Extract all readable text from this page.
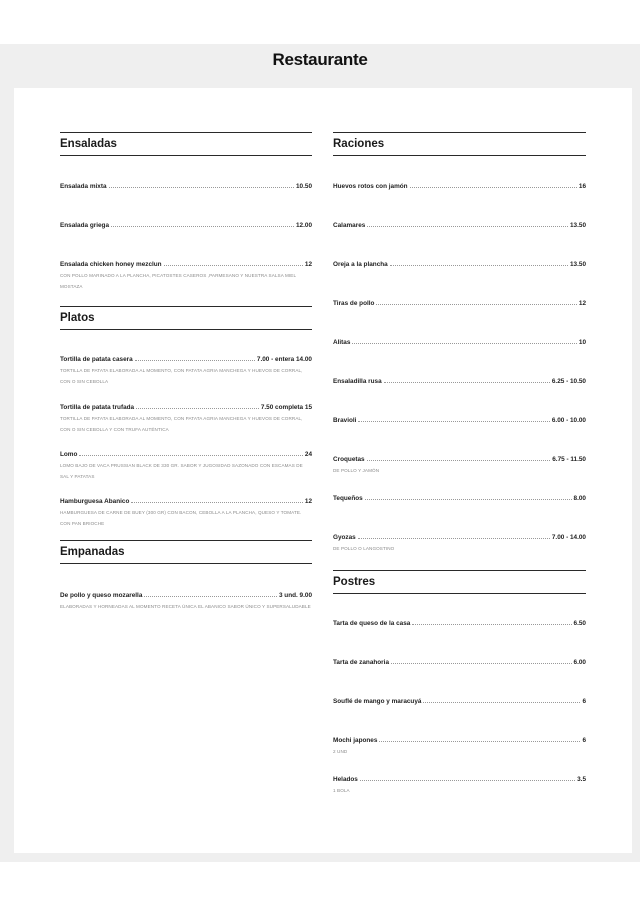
Restaurante
Ensaladas
Ensalada mixta	10.50
Ensalada griega	12.00
Ensalada chicken honey mezclun	12
CON POLLO MARINADO A LA PLANCHA, PICATOSTES CASEROS ,PARMESANO Y NUESTRA SALSA MIEL MOSTAZA
Platos
Tortilla de patata casera	7.00 - entera 14.00
TORTILLA DE PATATA ELABORADA AL MOMENTO, CON PATATA AGRIA MANCHEGA Y HUEVOS DE CORRAL, CON O SIN CEBOLLA
Tortilla de patata trufada	7.50 completa 15
TORTILLA DE PATATA ELABORADA AL MOMENTO, CON PATATA AGRIA MANCHEGA Y HUEVOS DE CORRAL, CON O SIN CEBOLLA Y CON TRUFA AUTÉNTICA
Lomo	24
LOMO BAJO DE VACA PRUSSIAN BLACK DE 330 GR. SABOR Y JUGOSIDAD SAZONADO CON ESCAMAS DE SAL Y PATATAS
Hamburguesa Abanico	12
HAMBURGUESA DE CARNE DE BUEY (300 GR) CON BACON, CEBOLLA A LA PLANCHA, QUESO Y TOMATE. CON PAN BRIOCHE
Empanadas
De pollo y queso mozarella	3 und. 9.00
ELABORADAS Y HORNEADAS AL MOMENTO RECETA ÚNICA EL ABANICO SABOR ÚNICO Y SUPERSALUDABLE
Raciones
Huevos rotos con jamón	16
Calamares	13.50
Oreja a la plancha	13.50
Tiras de pollo	12
Alitas	10
Ensaladilla rusa	6.25 - 10.50
Bravioli	6.00 - 10.00
Croquetas	6.75 - 11.50
DE POLLO Y JAMÓN
Tequeños	8.00
Gyozas	7.00 - 14.00
DE POLLO O LANGOSTINO
Postres
Tarta de queso de la casa	6.50
Tarta de zanahoria	6.00
Souflé de mango y maracuyá	6
Mochi japones	6
2 UND
Helados	3.5
1 BOLA
